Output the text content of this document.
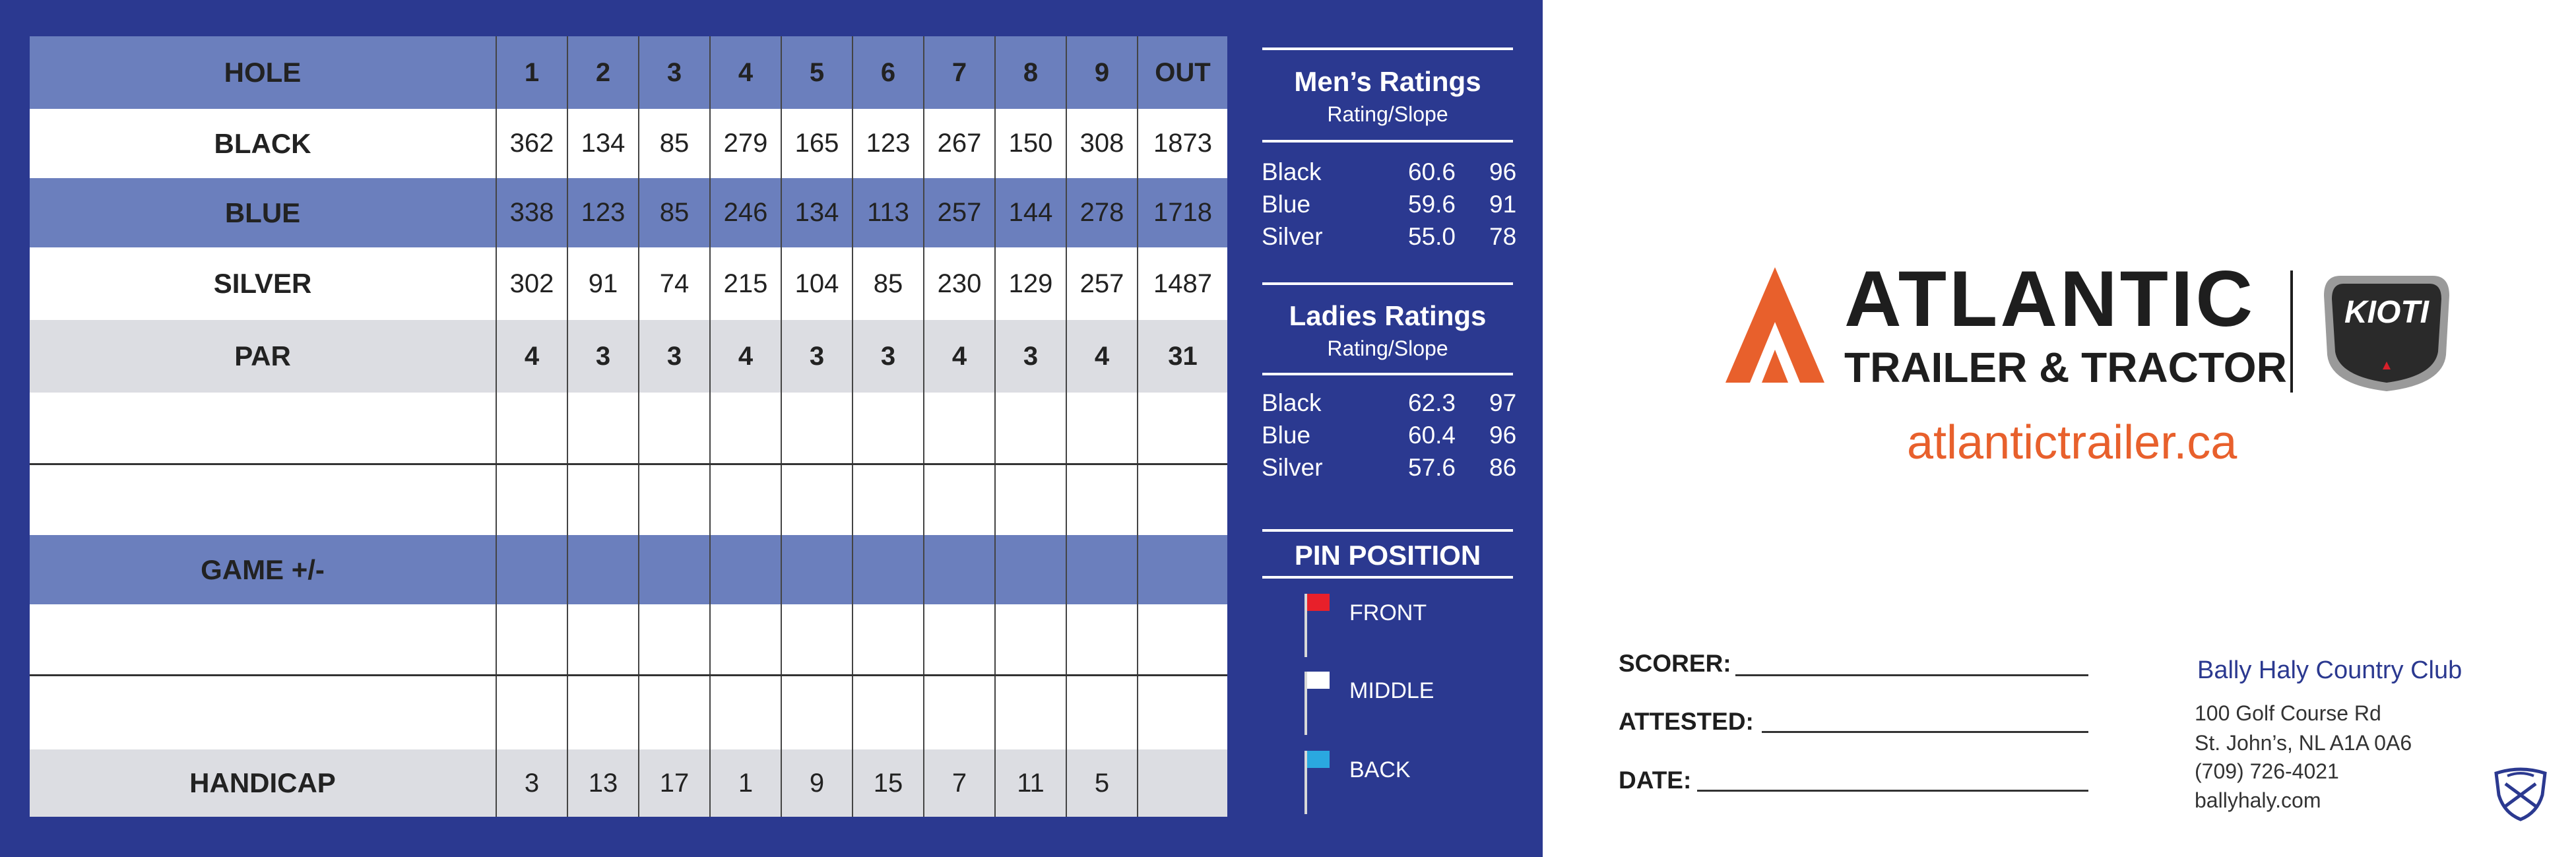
HOLE	1	2	3	4	5	6	7	8	9	OUT
BLACK	362	134	85	279	165	123	267	150	308	1873
BLUE	338	123	85	246	134	113	257	144	278	1718
SILVER	302	91	74	215	104	85	230	129	257	1487
PAR	4	3	3	4	3	3	4	3	4	31

GAME +/-										

HANDICAP	3	13	17	1	9	15	7	11	5	
Men’s Ratings
Rating/Slope
Black	60.6 96
Blue	59.6 91
Silver	55.0 78
Ladies Ratings
Rating/Slope
Black	62.3 97
Blue	60.4 96
Silver	57.6 86
PIN POSITION
FRONT
MIDDLE
BACK
ATLANTIC
TRAILER & TRACTOR
KIOTI
atlantictrailer.ca
SCORER:
ATTESTED:
DATE:
Bally Haly Country Club
100 Golf Course Rd
St. John’s, NL A1A 0A6
(709) 726-4021
ballyhaly.com
